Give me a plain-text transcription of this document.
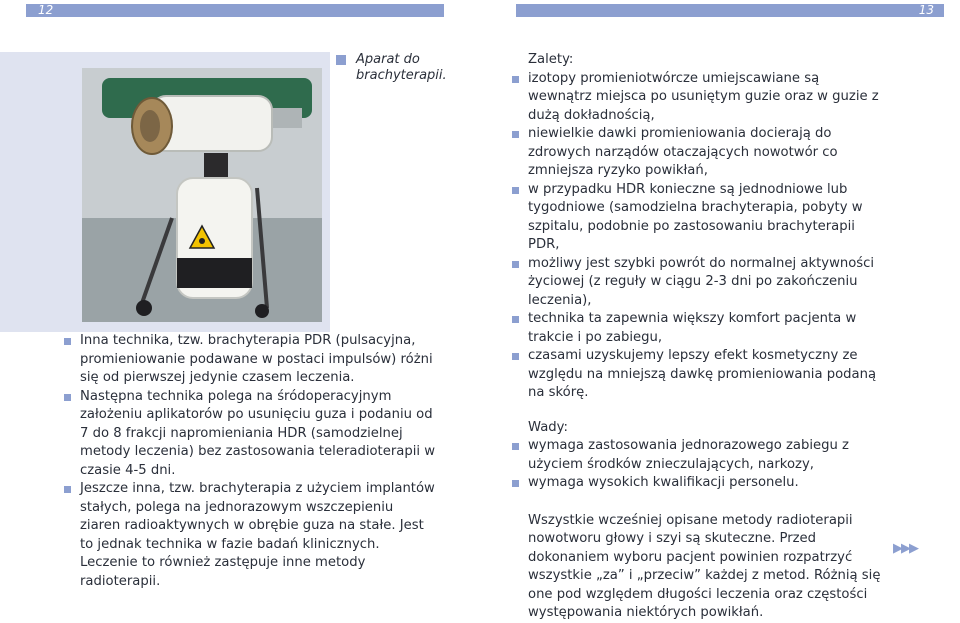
12	13
Aparat do brachyterapii.
Inna technika, tzw. brachyterapia PDR (pulsacyjna, promieniowanie podawane w postaci impulsów) różni się od pierwszej jedynie czasem leczenia.
Następna technika polega na śródoperacyjnym założeniu aplikatorów po usunięciu guza i podaniu od 7 do 8 frakcji napromieniania HDR (samodzielnej metody leczenia) bez zastosowania teleradioterapii w czasie 4-5 dni.
Jeszcze inna, tzw. brachyterapia z użyciem implantów stałych, polega na jednorazowym wszczepieniu ziaren radioaktywnych w obrębie guza na stałe. Jest to jednak technika w fazie badań klinicznych. Leczenie to również zastępuje inne metody radioterapii.

Zalety:

izotopy promieniotwórcze umiejscawiane są wewnątrz miejsca po usuniętym guzie oraz w guzie z dużą dokładnością,
niewielkie dawki promieniowania docierają do zdrowych narządów otaczających nowotwór co zmniejsza ryzyko powikłań,
w przypadku HDR konieczne są jednodniowe lub tygodniowe (samodzielna brachyterapia, pobyty w szpitalu, podobnie po zastosowaniu brachyterapii PDR,
możliwy jest szybki powrót do normalnej aktywności życiowej (z reguły w ciągu 2-3 dni po zakończeniu leczenia),
technika ta zapewnia większy komfort pacjenta w trakcie i po zabiegu,
czasami uzyskujemy lepszy efekt kosmetyczny ze względu na mniejszą dawkę promieniowania podaną na skórę.

Wady:

wymaga zastosowania jednorazowego zabiegu z użyciem środków znieczulających, narkozy,
wymaga wysokich kwalifikacji personelu.

Wszystkie wcześniej opisane metody radioterapii nowotworu głowy i szyi są skuteczne. Przed dokonaniem wyboru pacjent powinien rozpatrzyć wszystkie „za” i „przeciw” każdej z metod. Różnią się one pod względem długości leczenia oraz częstości występowania niektórych powikłań.

▶▶▶
